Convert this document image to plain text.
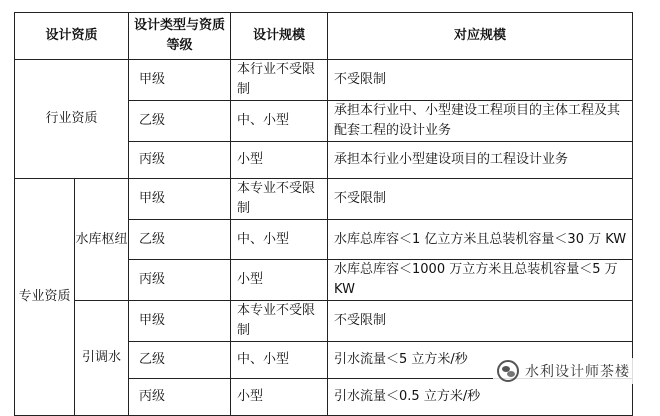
设计资质		设计类型与资质等级	设计规模	对应规模
行业资质		甲级	本行业不受限制	不受限制
		乙级	中、小型	承担本行业中、小型建设工程项目的主体工程及其配套工程的设计业务
		丙级	小型	承担本行业小型建设项目的工程设计业务
专业资质	水库枢纽	甲级	本专业不受限制	不受限制
		乙级	中、小型	水库总库容＜1 亿立方米且总装机容量＜30 万 KW
		丙级	小型	水库总库容＜1000 万立方米且总装机容量＜5 万 KW
	引调水	甲级	本专业不受限制	不受限制
		乙级	中、小型	引水流量＜5 立方米/秒
		丙级	小型	引水流量＜0.5 立方米/秒
水利设计师茶楼
